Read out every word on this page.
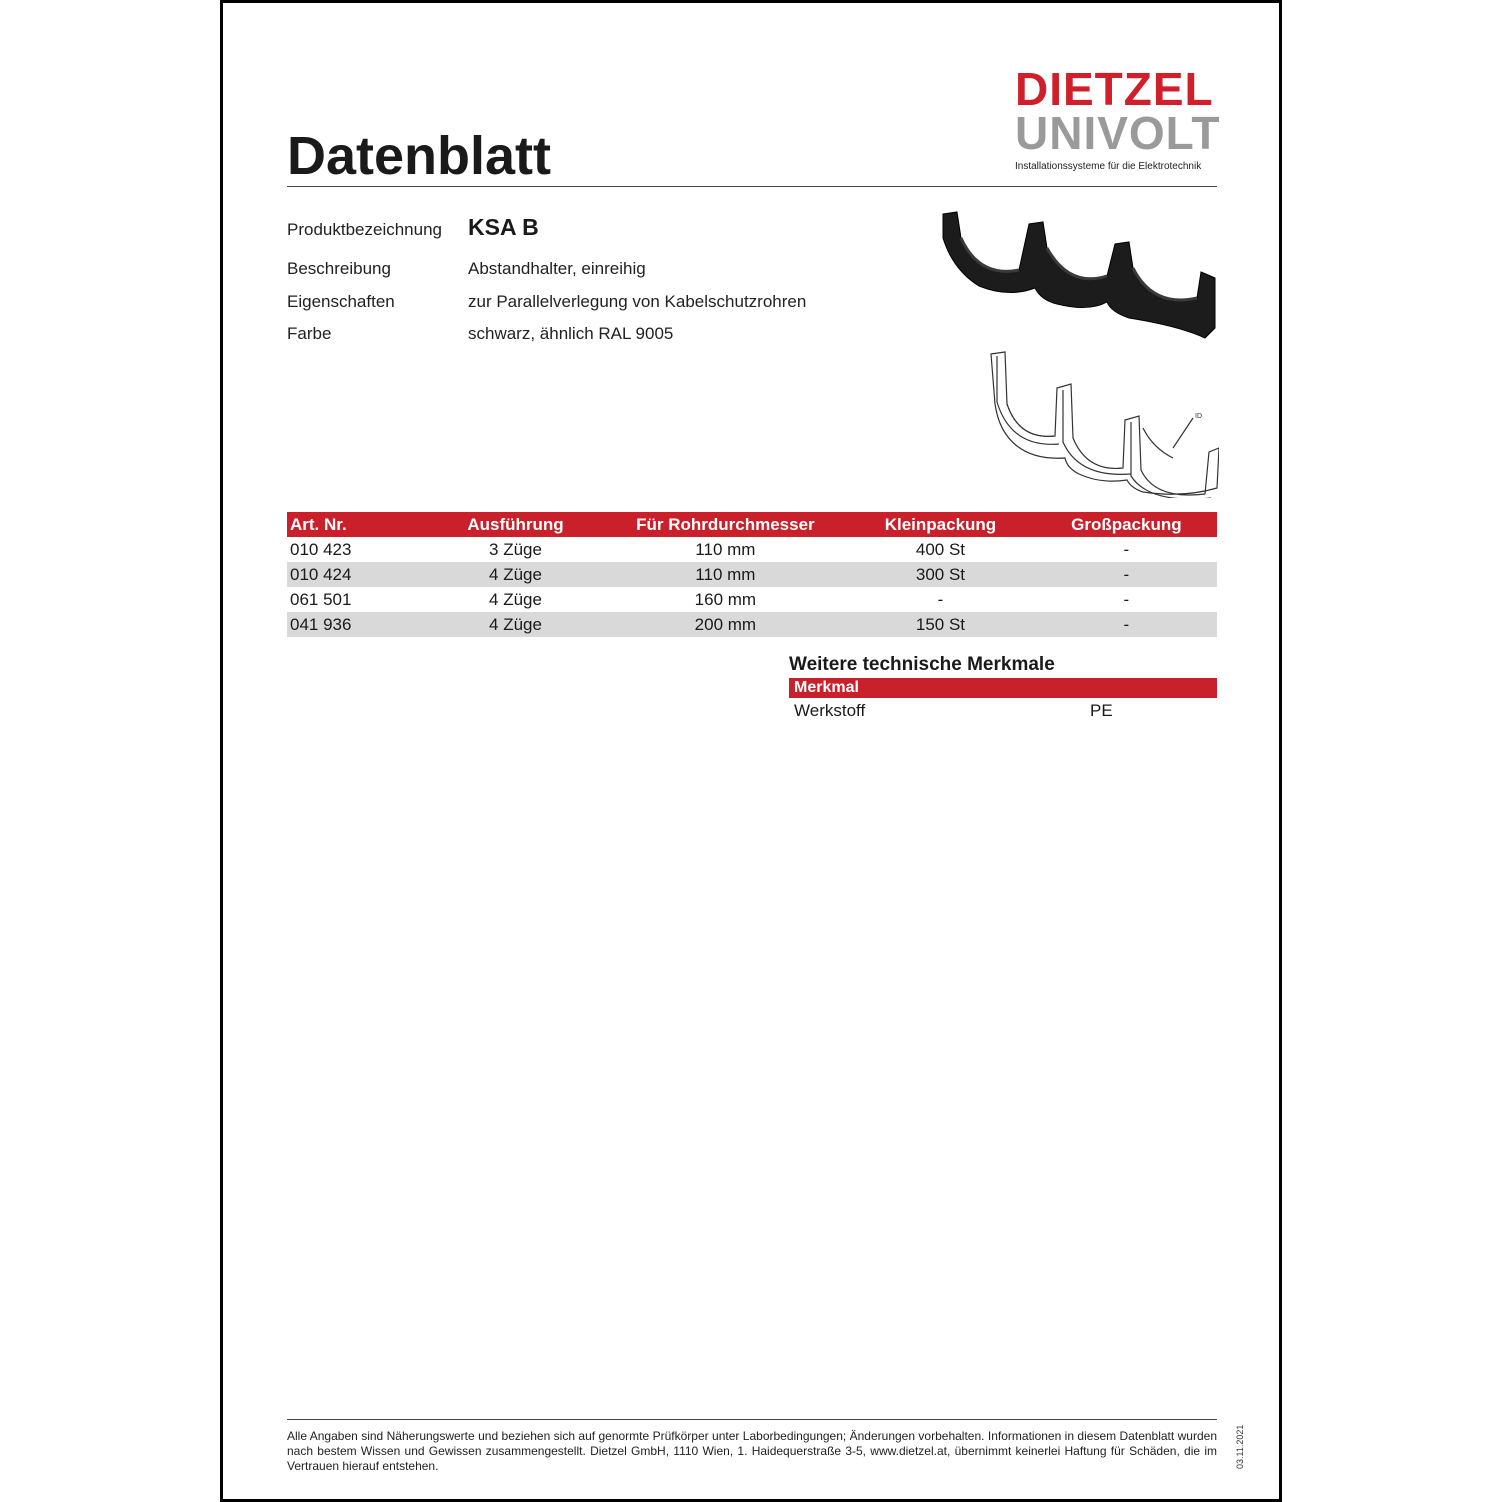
Datenblatt
DIETZEL
UNIVOLT
Installationssysteme für die Elektrotechnik
Produktbezeichnung KSA B
Beschreibung	Abstandhalter, einreihig
Eigenschaften	zur Parallelverlegung von Kabelschutzrohren
Farbe	schwarz, ähnlich RAL 9005
ID
Art. Nr.	Ausführung	Für Rohrdurchmesser	Kleinpackung	Großpackung
010 423	3 Züge	110 mm	400 St	-
010 424	4 Züge	110 mm	300 St	-
061 501	4 Züge	160 mm	-	-
041 936	4 Züge	200 mm	150 St	-
Weitere technische Merkmale
Merkmal
Werkstoff	PE
Alle Angaben sind Näherungswerte und beziehen sich auf genormte Prüfkörper unter Laborbedingungen; Änderungen vorbehalten. Informationen in diesem Datenblatt wurden nach bestem Wissen und Gewissen zusammengestellt. Dietzel GmbH, 1110 Wien, 1. Haidequerstraße 3-5, www.dietzel.at, übernimmt keinerlei Haftung für Schäden, die im Vertrauen hierauf entstehen.	03.11.2021
